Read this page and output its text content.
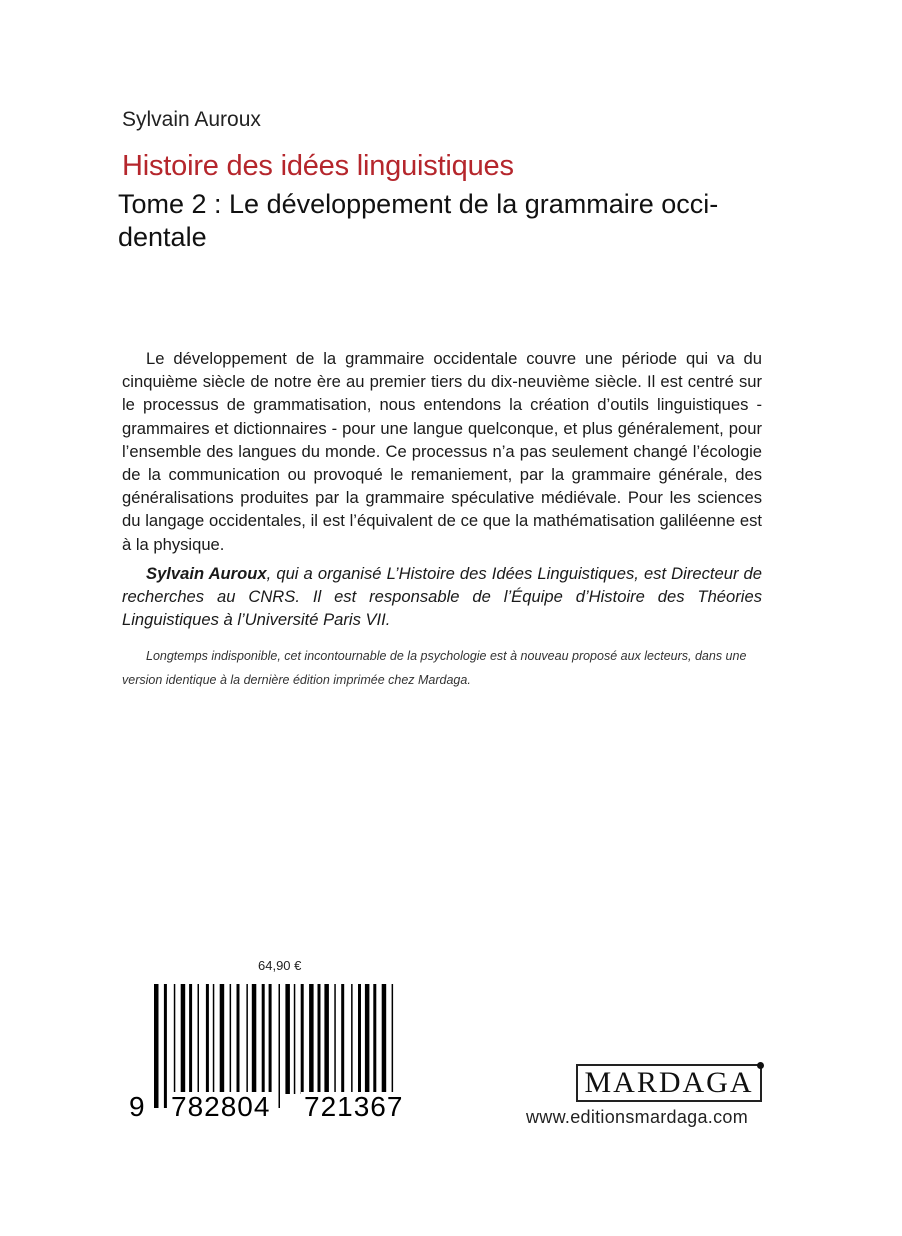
Sylvain Auroux
Histoire des idées linguistiques
Tome 2 : Le développement de la grammaire occi-dentale

Le développement de la grammaire occidentale couvre une période qui va du cinquième siècle de notre ère au premier tiers du dix-neuvième siècle. Il est centré sur le processus de grammatisation, nous entendons la création d’outils linguistiques - grammaires et dictionnaires - pour une langue quelconque, et plus généralement, pour l’ensemble des langues du monde. Ce processus n’a pas seulement changé l’écologie de la communication ou provoqué le remaniement, par la grammaire générale, des généralisations produites par la grammaire spéculative médiévale. Pour les sciences du langage occidentales, il est l’équivalent de ce que la mathématisation galiléenne est à la physique.

Sylvain Auroux, qui a organisé L’Histoire des Idées Linguistiques, est Directeur de recherches au CNRS. Il est responsable de l’Équipe d’Histoire des Théories Linguistiques à l’Université Paris VII.

Longtemps indisponible, cet incontournable de la psychologie est à nouveau proposé aux lecteurs, dans une version identique à la dernière édition imprimée chez Mardaga.

64,90 €
9 782804 721367
MARDAGA
www.editionsmardaga.com
